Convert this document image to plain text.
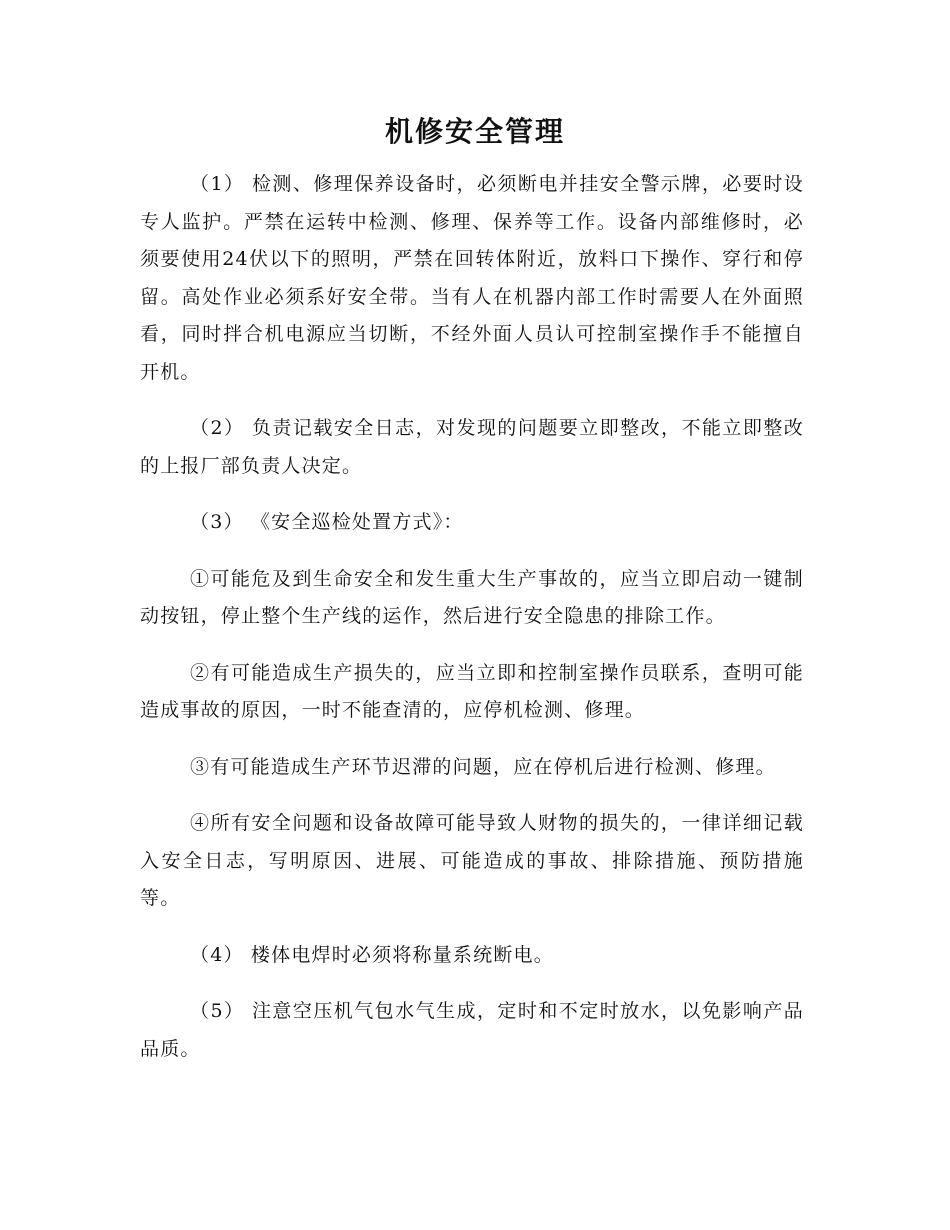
机修安全管理

（1） 检测、修理保养设备时，必须断电并挂安全警示牌，必要时设专人监护。严禁在运转中检测、修理、保养等工作。设备内部维修时，必须要使用24伏以下的照明，严禁在回转体附近，放料口下操作、穿行和停留。高处作业必须系好安全带。当有人在机器内部工作时需要人在外面照看，同时拌合机电源应当切断，不经外面人员认可控制室操作手不能擅自开机。

（2） 负责记载安全日志，对发现的问题要立即整改，不能立即整改的上报厂部负责人决定。

（3） 《安全巡检处置方式》：

①可能危及到生命安全和发生重大生产事故的，应当立即启动一键制动按钮，停止整个生产线的运作，然后进行安全隐患的排除工作。

②有可能造成生产损失的，应当立即和控制室操作员联系，查明可能造成事故的原因，一时不能查清的，应停机检测、修理。

③有可能造成生产环节迟滞的问题，应在停机后进行检测、修理。

④所有安全问题和设备故障可能导致人财物的损失的，一律详细记载入安全日志，写明原因、进展、可能造成的事故、排除措施、预防措施等。

（4） 楼体电焊时必须将称量系统断电。

（5） 注意空压机气包水气生成，定时和不定时放水，以免影响产品品质。
